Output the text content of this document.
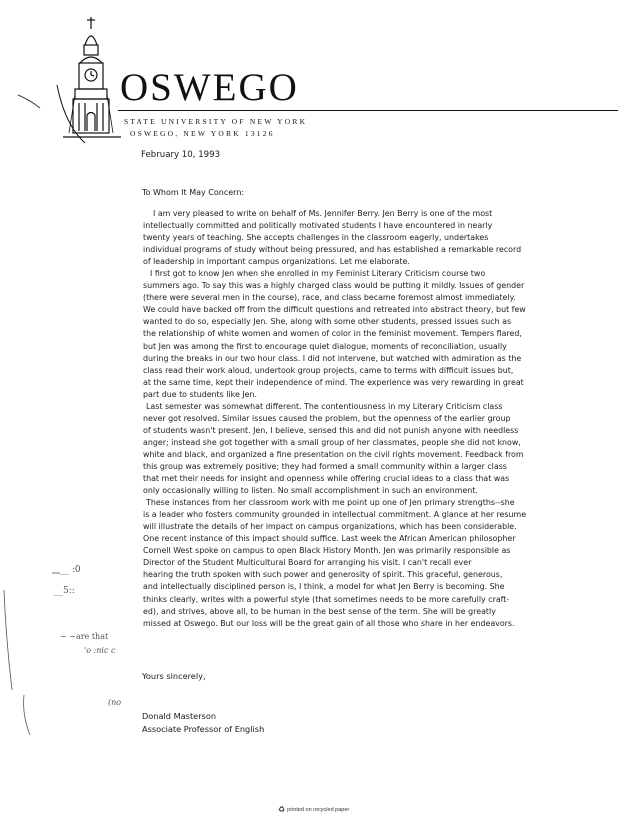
OSWEGO
STATE UNIVERSITY OF NEW YORK
OSWEGO, NEW YORK 13126
February 10, 1993
To Whom It May Concern:
I am very pleased to write on behalf of Ms. Jennifer Berry. Jen Berry is one of the most
intellectually committed and politically motivated students I have encountered in nearly
twenty years of teaching. She accepts challenges in the classroom eagerly, undertakes
individual programs of study without being pressured, and has established a remarkable record
of leadership in important campus organizations. Let me elaborate.
I first got to know Jen when she enrolled in my Feminist Literary Criticism course two
summers ago. To say this was a highly charged class would be putting it mildly. Issues of gender
(there were several men in the course), race, and class became foremost almost immediately.
We could have backed off from the difficult questions and retreated into abstract theory, but few
wanted to do so, especially Jen. She, along with some other students, pressed issues such as
the relationship of white women and women of color in the feminist movement. Tempers flared,
but Jen was among the first to encourage quiet dialogue, moments of reconciliation, usually
during the breaks in our two hour class. I did not intervene, but watched with admiration as the
class read their work aloud, undertook group projects, came to terms with difficult issues but,
at the same time, kept their independence of mind. The experience was very rewarding in great
part due to students like Jen.
Last semester was somewhat different. The contentiousness in my Literary Criticism class
never got resolved. Similar issues caused the problem, but the openness of the earlier group
of students wasn't present. Jen, I believe, sensed this and did not punish anyone with needless
anger; instead she got together with a small group of her classmates, people she did not know,
white and black, and organized a fine presentation on the civil rights movement. Feedback from
this group was extremely positive; they had formed a small community within a larger class
that met their needs for insight and openness while offering crucial ideas to a class that was
only occasionally willing to listen. No small accomplishment in such an environment.
These instances from her classroom work with me point up one of Jen primary strengths--she
is a leader who fosters community grounded in intellectual commitment. A glance at her resume
will illustrate the details of her impact on campus organizations, which has been considerable.
One recent instance of this impact should suffice. Last week the African American philosopher
Cornell West spoke on campus to open Black History Month. Jen was primarily responsible as
Director of the Student Multicultural Board for arranging his visit. I can't recall ever
hearing the truth spoken with such power and generosity of spirit. This graceful, generous,
and intellectually disciplined person is, I think, a model for what Jen Berry is becoming. She
thinks clearly, writes with a powerful style (that sometimes needs to be more carefully craft-
ed), and strives, above all, to be human in the best sense of the term. She will be greatly
missed at Oswego. But our loss will be the great gain of all those who share in her endeavors.
Yours sincerely,
Donald Masterson
Associate Professor of English
__ :0
__5::
~ ~are that
'o :nic c
(no
♻ printed on recycled paper
